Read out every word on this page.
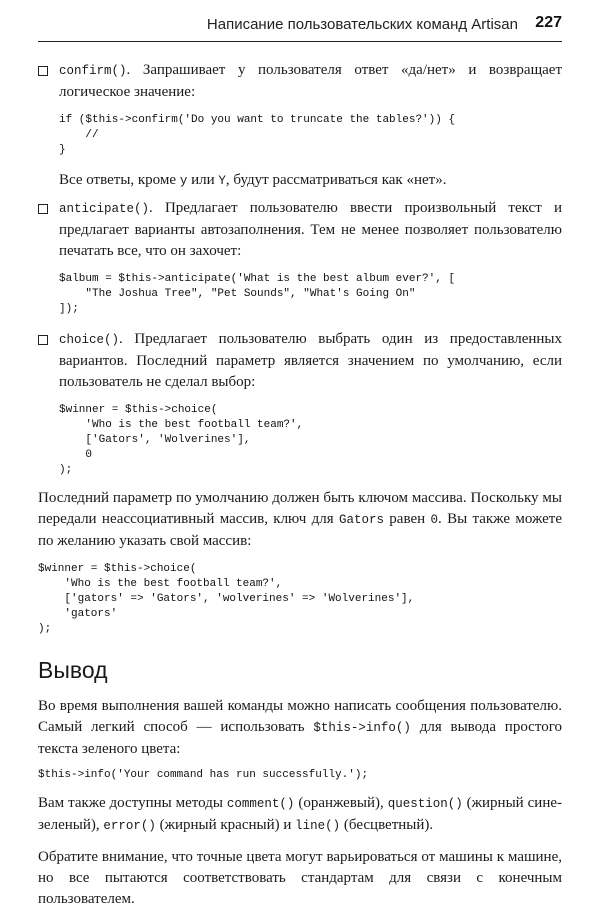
Написание пользовательских команд Artisan 227
confirm(). Запрашивает у пользователя ответ «да/нет» и возвращает логическое значение:
if ($this->confirm('Do you want to truncate the tables?')) {
//
}
Все ответы, кроме y или Y, будут рассматриваться как «нет».
anticipate(). Предлагает пользователю ввести произвольный текст и предлагает варианты автозаполнения. Тем не менее позволяет пользователю печатать все, что он захочет:
$album = $this->anticipate('What is the best album ever?', [
"The Joshua Tree", "Pet Sounds", "What's Going On"
]);
choice(). Предлагает пользователю выбрать один из предоставленных вариантов. Последний параметр является значением по умолчанию, если пользователь не сделал выбор:
$winner = $this->choice(
'Who is the best football team?',
['Gators', 'Wolverines'],
0
);
Последний параметр по умолчанию должен быть ключом массива. Поскольку мы передали неассоциативный массив, ключ для Gators равен 0. Вы также можете по желанию указать свой массив:
$winner = $this->choice(
'Who is the best football team?',
['gators' => 'Gators', 'wolverines' => 'Wolverines'],
'gators'
);
Вывод
Во время выполнения вашей команды можно написать сообщения пользователю. Самый легкий способ — использовать $this->info() для вывода простого текста зеленого цвета:
$this->info('Your command has run successfully.');
Вам также доступны методы comment() (оранжевый), question() (жирный сине-зеленый), error() (жирный красный) и line() (бесцветный).
Обратите внимание, что точные цвета могут варьироваться от машины к машине, но все пытаются соответствовать стандартам для связи с конечным пользователем.
